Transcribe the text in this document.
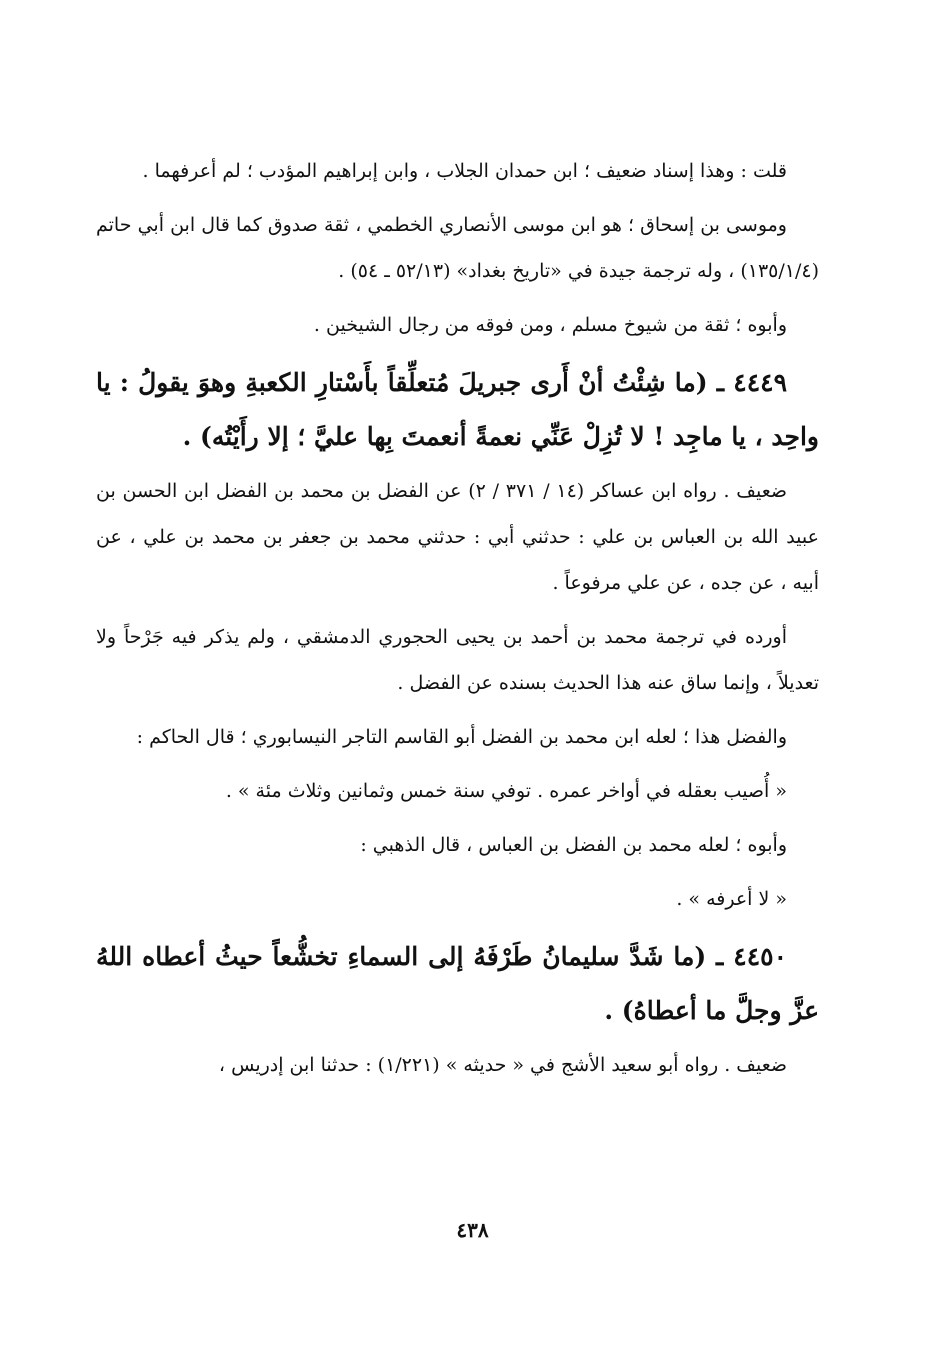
قلت : وهذا إسناد ضعيف ؛ ابن حمدان الجلاب ، وابن إبراهيم المؤدب ؛ لم أعرفهما .

وموسى بن إسحاق ؛ هو ابن موسى الأنصاري الخطمي ، ثقة صدوق كما قال ابن أبي حاتم (١٣٥/١/٤) ، وله ترجمة جيدة في «تاريخ بغداد» (٥٢/١٣ ـ ٥٤) .

وأبوه ؛ ثقة من شيوخ مسلم ، ومن فوقه من رجال الشيخين .

٤٤٤٩ ـ (ما شِئْتُ أنْ أَرى جبريلَ مُتعلِّقاً بأَسْتارِ الكعبةِ وهوَ يقولُ : يا واحِد ، يا ماجِد ! لا تُزِلْ عَنِّي نعمةً أنعمتَ بِها عليَّ ؛ إلا رأَيْتُه) .

ضعيف . رواه ابن عساكر (١٤ / ٣٧١ / ٢) عن الفضل بن محمد بن الفضل ابن الحسن بن عبيد الله بن العباس بن علي : حدثني أبي : حدثني محمد بن جعفر بن محمد بن علي ، عن أبيه ، عن جده ، عن علي مرفوعاً .

أورده في ترجمة محمد بن أحمد بن يحيى الحجوري الدمشقي ، ولم يذكر فيه جَرْحاً ولا تعديلاً ، وإنما ساق عنه هذا الحديث بسنده عن الفضل .

والفضل هذا ؛ لعله ابن محمد بن الفضل أبو القاسم التاجر النيسابوري ؛ قال الحاكم :

« أُصيب بعقله في أواخر عمره . توفي سنة خمس وثمانين وثلاث مئة » .

وأبوه ؛ لعله محمد بن الفضل بن العباس ، قال الذهبي :

« لا أعرفه » .

٤٤٥٠ ـ (ما شَدَّ سليمانُ طَرْفَهُ إلى السماءِ تخشُّعاً حيثُ أعطاه اللهُ عزَّ وجلَّ ما أعطاهُ) .

ضعيف . رواه أبو سعيد الأشج في « حديثه » (١/٢٢١) : حدثنا ابن إدريس ،

٤٣٨
